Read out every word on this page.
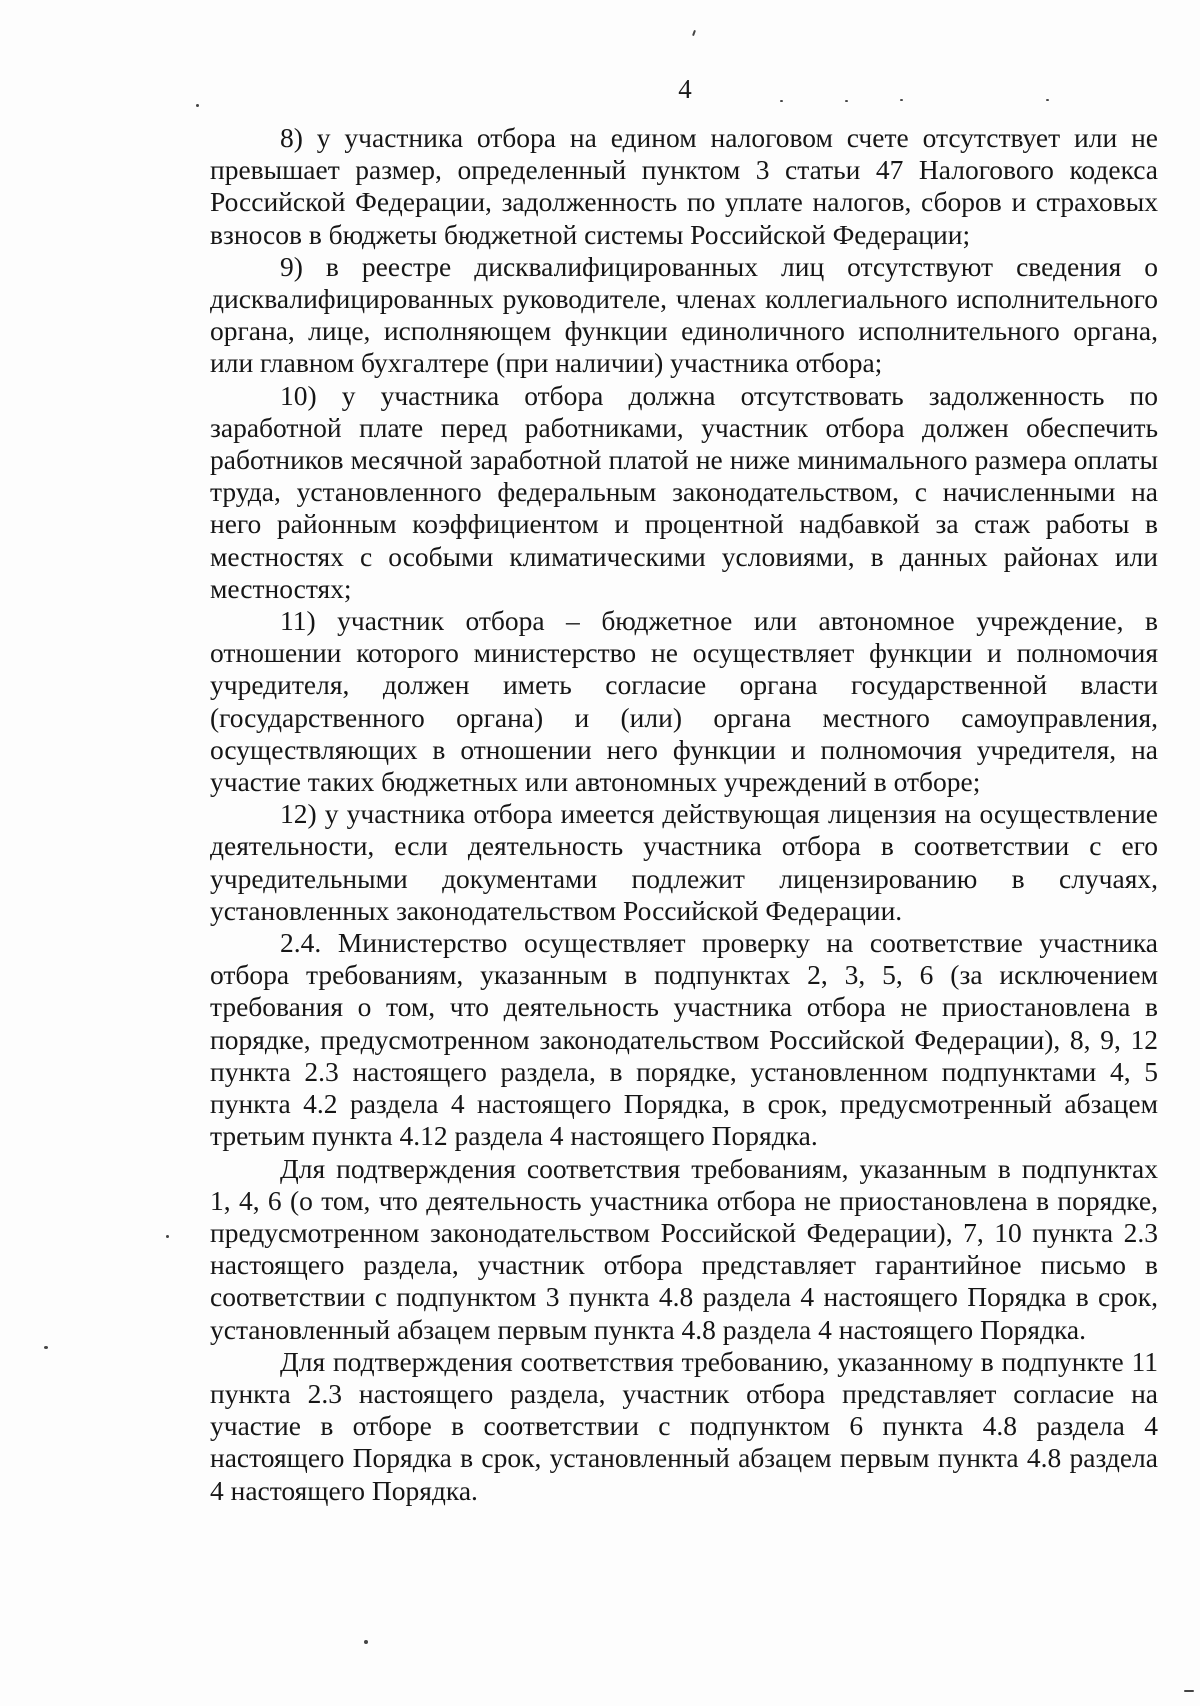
4

8) у участника отбора на едином налоговом счете отсутствует или не превышает размер, определенный пунктом 3 статьи 47 Налогового кодекса Российской Федерации, задолженность по уплате налогов, сборов и страховых взносов в бюджеты бюджетной системы Российской Федерации;

9) в реестре дисквалифицированных лиц отсутствуют сведения о дисквалифицированных руководителе, членах коллегиального исполнительного органа, лице, исполняющем функции единоличного исполнительного органа, или главном бухгалтере (при наличии) участника отбора;

10) у участника отбора должна отсутствовать задолженность по заработной плате перед работниками, участник отбора должен обеспечить работников месячной заработной платой не ниже минимального размера оплаты труда, установленного федеральным законодательством, с начисленными на него районным коэффициентом и процентной надбавкой за стаж работы в местностях с особыми климатическими условиями, в данных районах или местностях;

11) участник отбора – бюджетное или автономное учреждение, в отношении которого министерство не осуществляет функции и полномочия учредителя, должен иметь согласие органа государственной власти (государственного органа) и (или) органа местного самоуправления, осуществляющих в отношении него функции и полномочия учредителя, на участие таких бюджетных или автономных учреждений в отборе;

12) у участника отбора имеется действующая лицензия на осуществление деятельности, если деятельность участника отбора в соответствии с его учредительными документами подлежит лицензированию в случаях, установленных законодательством Российской Федерации.

2.4. Министерство осуществляет проверку на соответствие участника отбора требованиям, указанным в подпунктах 2, 3, 5, 6 (за исключением требования о том, что деятельность участника отбора не приостановлена в порядке, предусмотренном законодательством Российской Федерации), 8, 9, 12 пункта 2.3 настоящего раздела, в порядке, установленном подпунктами 4, 5 пункта 4.2 раздела 4 настоящего Порядка, в срок, предусмотренный абзацем третьим пункта 4.12 раздела 4 настоящего Порядка.

Для подтверждения соответствия требованиям, указанным в подпунктах 1, 4, 6 (о том, что деятельность участника отбора не приостановлена в порядке, предусмотренном законодательством Российской Федерации), 7, 10 пункта 2.3 настоящего раздела, участник отбора представляет гарантийное письмо в соответствии с подпунктом 3 пункта 4.8 раздела 4 настоящего Порядка в срок, установленный абзацем первым пункта 4.8 раздела 4 настоящего Порядка.

Для подтверждения соответствия требованию, указанному в подпункте 11 пункта 2.3 настоящего раздела, участник отбора представляет согласие на участие в отборе в соответствии с подпунктом 6 пункта 4.8 раздела 4 настоящего Порядка в срок, установленный абзацем первым пункта 4.8 раздела 4 настоящего Порядка.
